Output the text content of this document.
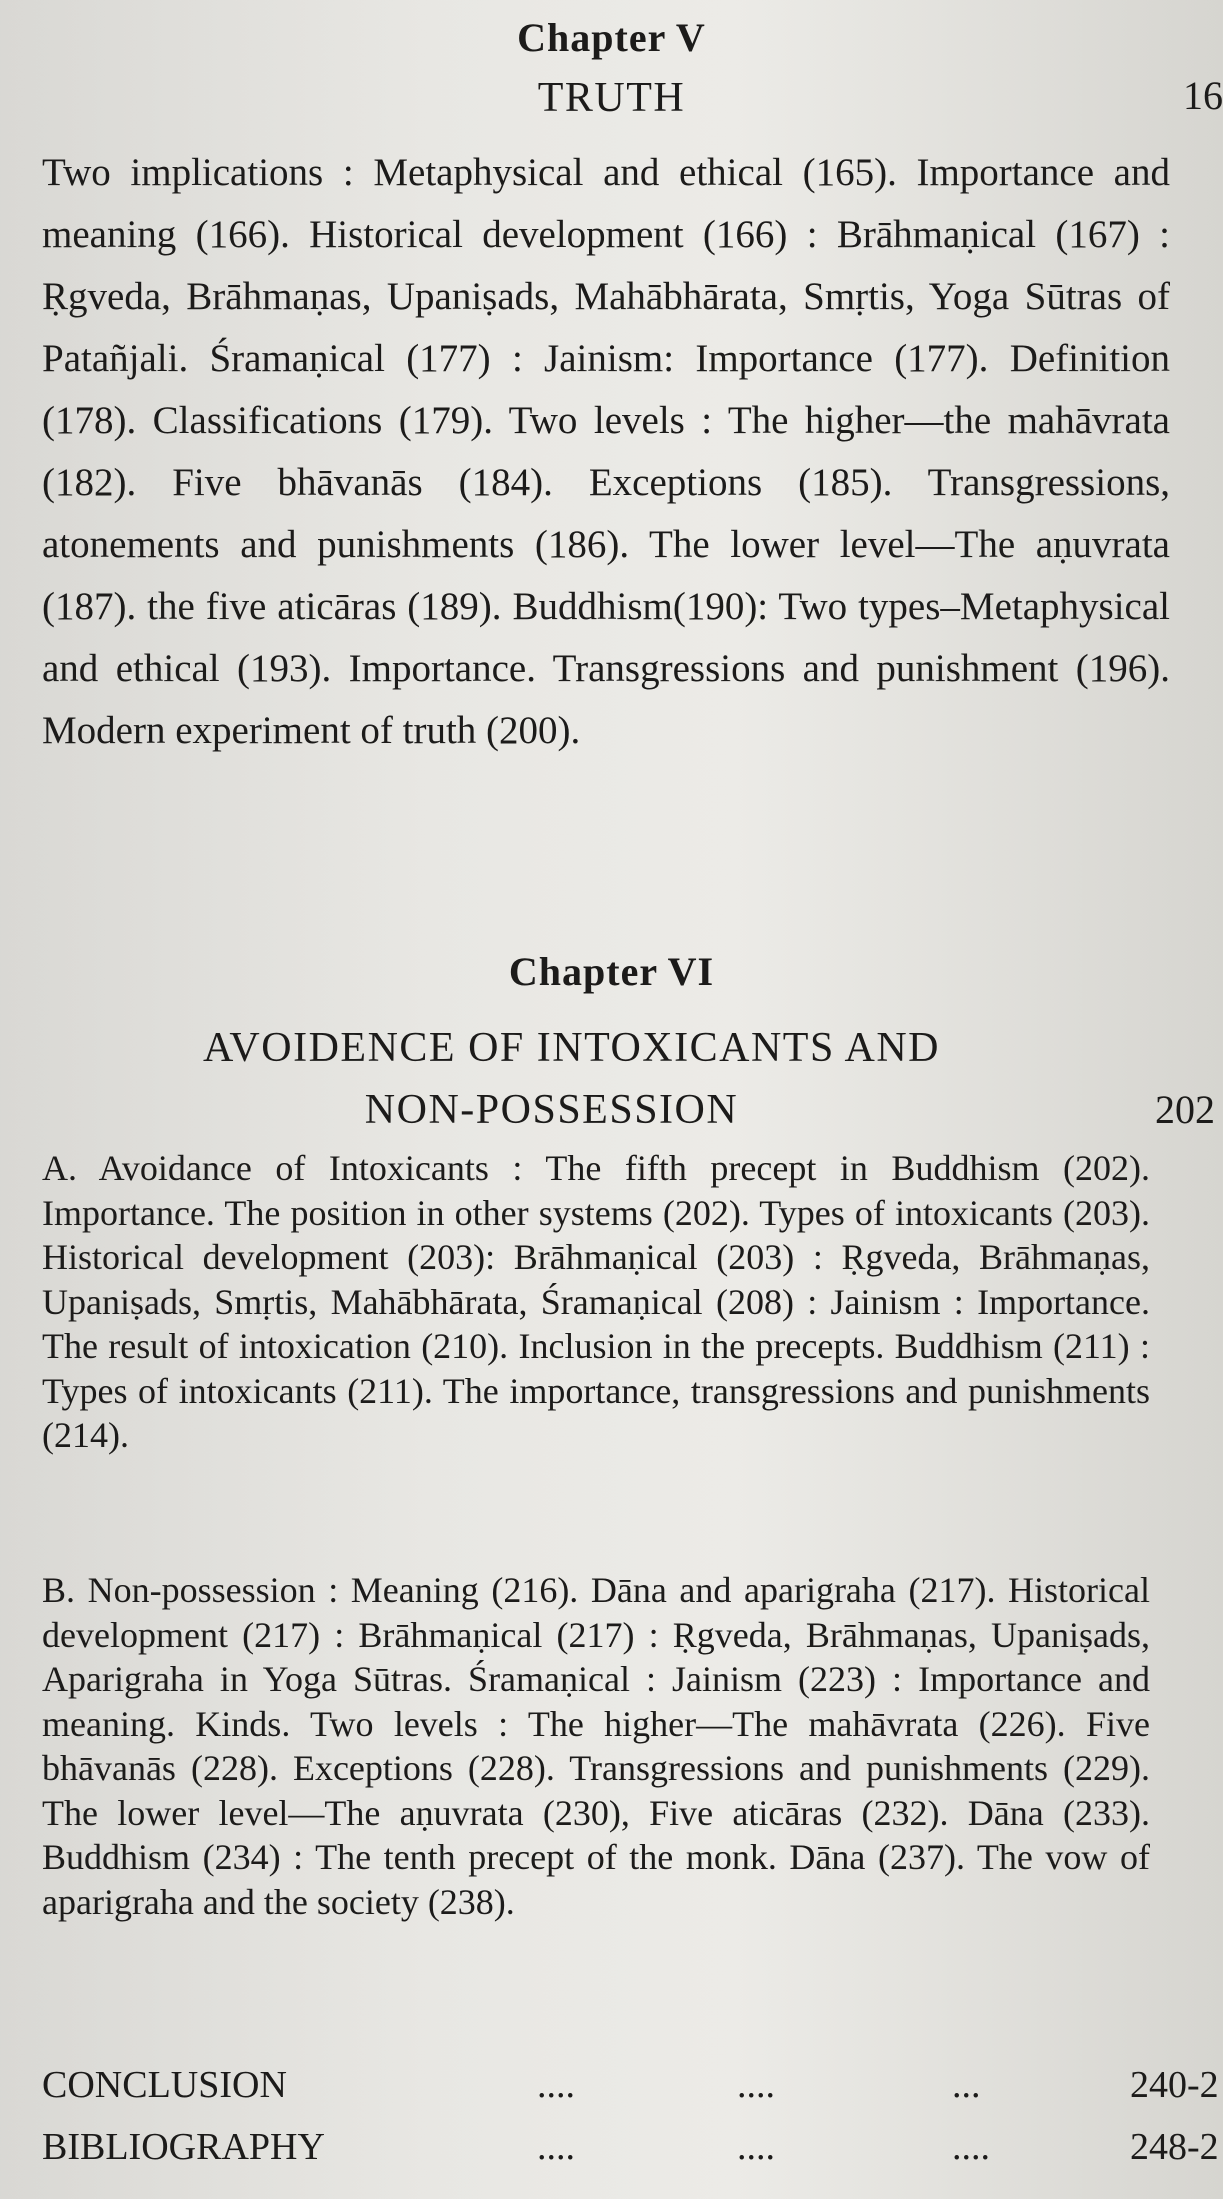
Chapter V
TRUTH	16
Two implications : Metaphysical and ethical (165). Importance and meaning (166). Historical development (166) : Brāhmaṇical (167) : Ṛgveda, Brāhmaṇas, Upaniṣads, Mahābhārata, Smṛtis, Yoga Sūtras of Patañjali. Śramaṇical (177) : Jainism: Importance (177). Definition (178). Classifications (179). Two levels : The higher—the mahāvrata (182). Five bhāvanās (184). Exceptions (185). Transgressions, atonements and punishments (186). The lower level—The aṇuvrata (187). the five aticāras (189). Buddhism(190): Two types–Metaphysical and ethical (193). Importance. Transgressions and punishment (196). Modern experiment of truth (200).
Chapter VI
AVOIDENCE OF INTOXICANTS AND
NON-POSSESSION	202
A. Avoidance of Intoxicants : The fifth precept in Buddhism (202). Importance. The position in other systems (202). Types of intoxicants (203). Historical development (203): Brāhmaṇical (203) : Ṛgveda, Brāhmaṇas, Upaniṣads, Smṛtis, Mahābhārata, Śramaṇical (208) : Jainism : Importance. The result of intoxication (210). Inclusion in the precepts. Buddhism (211) : Types of intoxicants (211). The importance, transgressions and punishments (214).
B. Non-possession : Meaning (216). Dāna and aparigraha (217). Historical development (217) : Brāhmaṇical (217) : Ṛgveda, Brāhmaṇas, Upaniṣads, Aparigraha in Yoga Sūtras. Śramaṇical : Jainism (223) : Importance and meaning. Kinds. Two levels : The higher—The mahāvrata (226). Five bhāvanās (228). Exceptions (228). Transgressions and punishments (229). The lower level—The aṇuvrata (230), Five aticāras (232). Dāna (233). Buddhism (234) : The tenth precept of the monk. Dāna (237). The vow of aparigraha and the society (238).
CONCLUSION	....	....	...	240-2
BIBLIOGRAPHY	....	....	....	248-2
